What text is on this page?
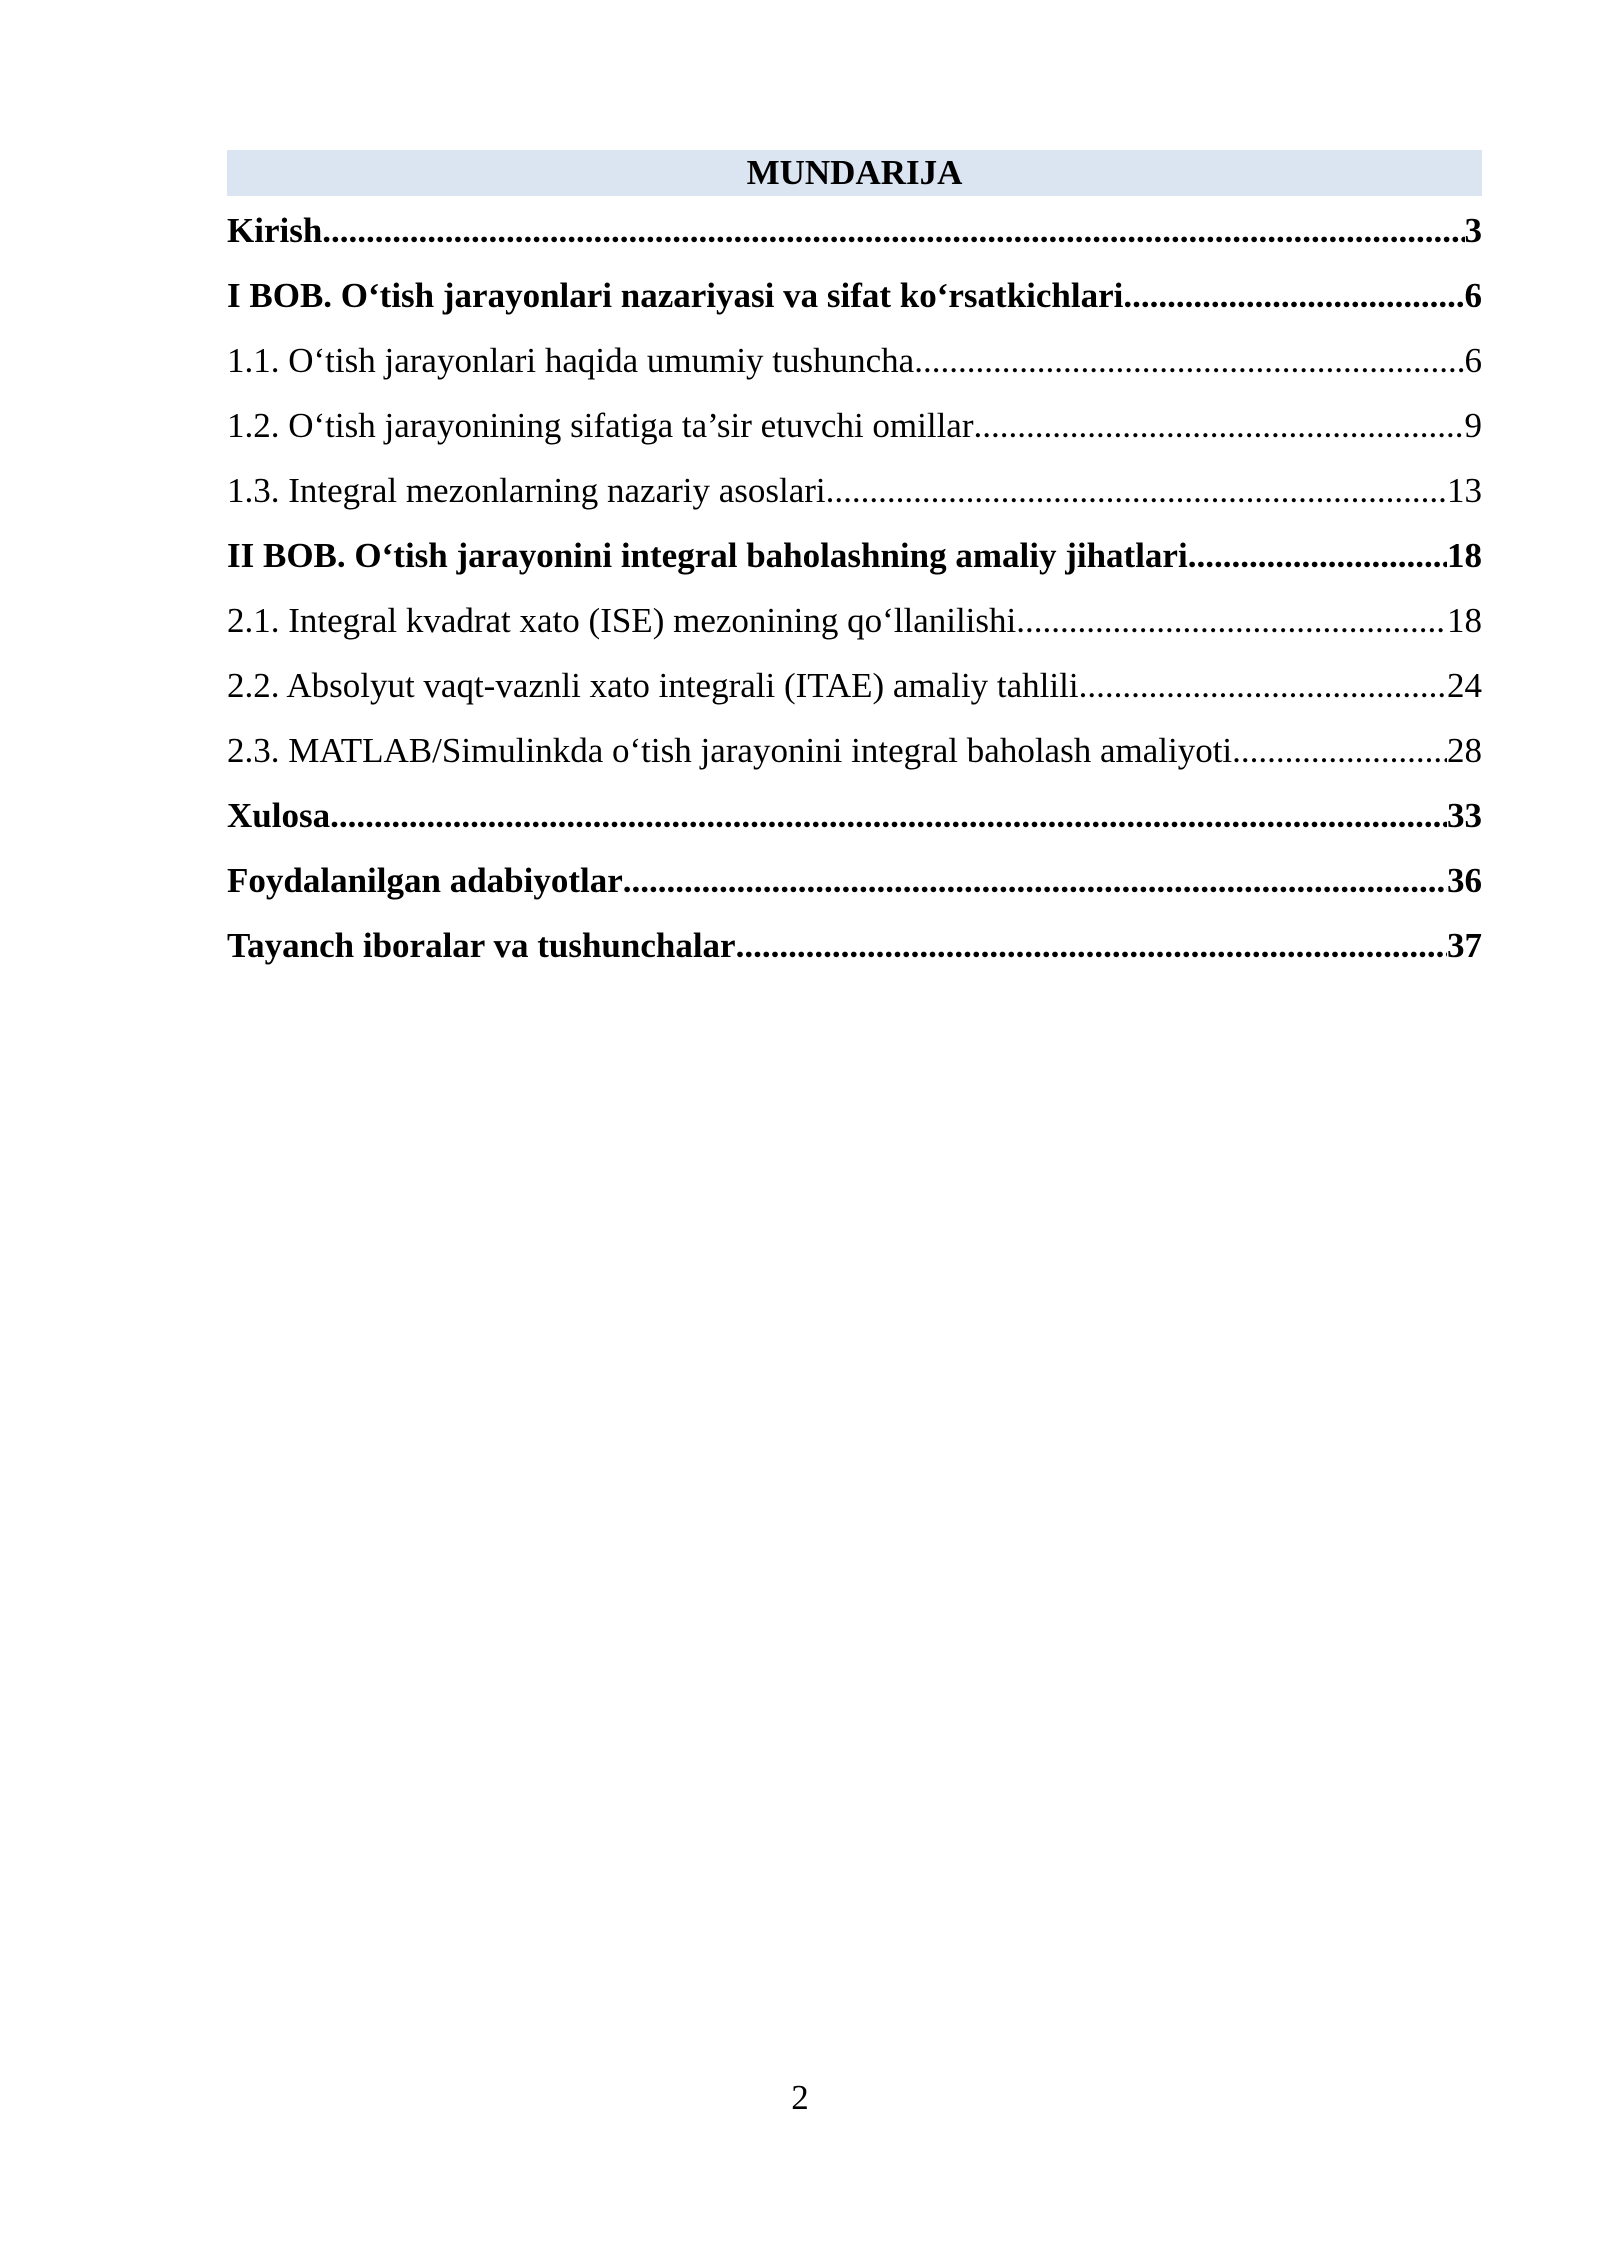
MUNDARIJA
Kirish .....	3
I BOB. O‘tish jarayonlari nazariyasi va sifat ko‘rsatkichlari .....	6
1.1. O‘tish jarayonlari haqida umumiy tushuncha .....	6
1.2. O‘tish jarayonining sifatiga ta’sir etuvchi omillar .....	9
1.3. Integral mezonlarning nazariy asoslari .....	13
II BOB. O‘tish jarayonini integral baholashning amaliy jihatlari .....	18
2.1. Integral kvadrat xato (ISE) mezonining qo‘llanilishi .....	18
2.2. Absolyut vaqt-vaznli xato integrali (ITAE) amaliy tahlili .....	24
2.3. MATLAB/Simulinkda o‘tish jarayonini integral baholash amaliyoti .....	28
Xulosa .....	33
Foydalanilgan adabiyotlar .....	36
Tayanch iboralar va tushunchalar .....	37
2
